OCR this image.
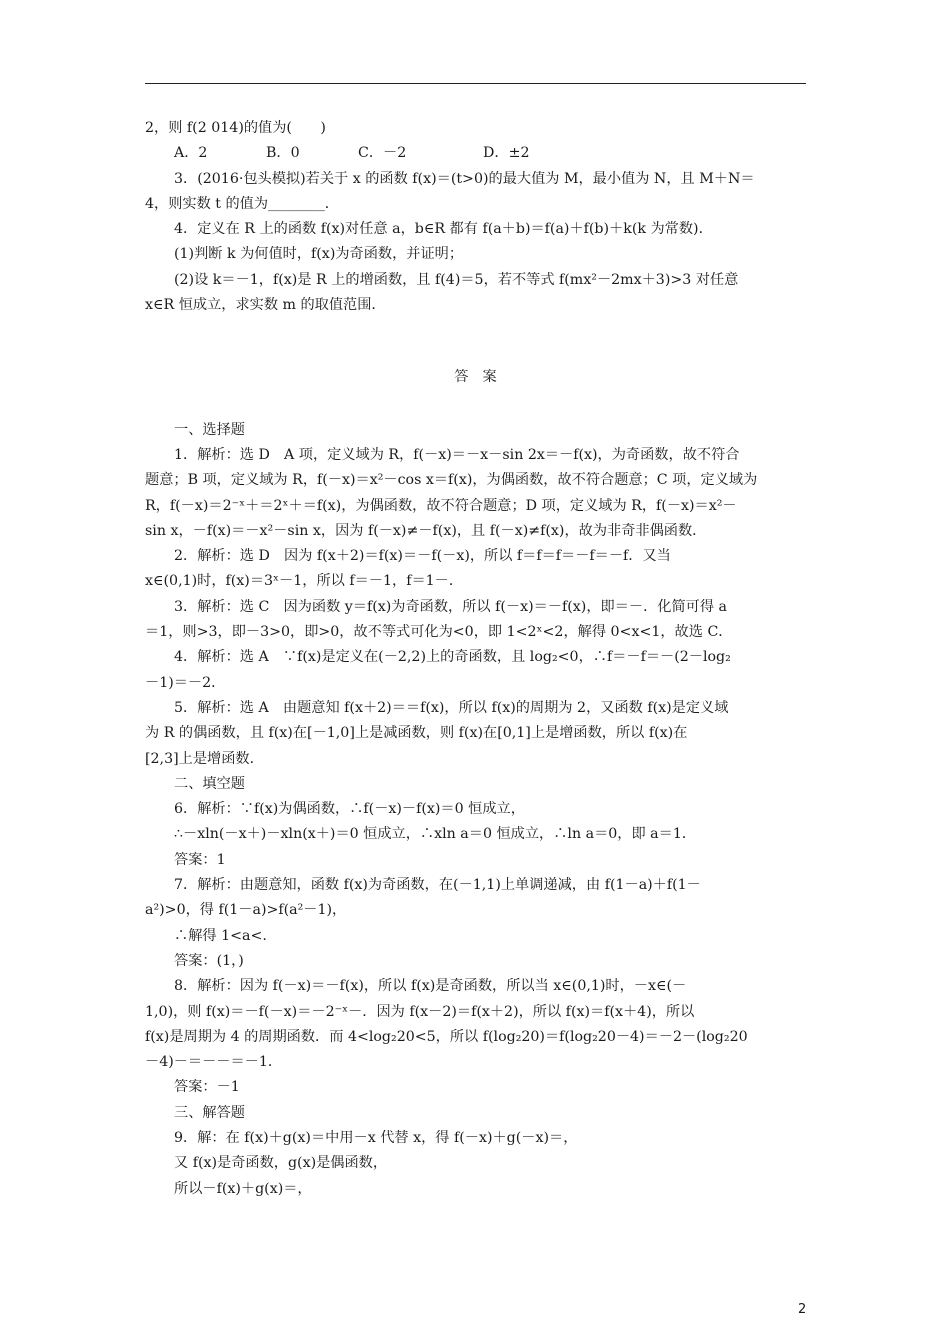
2，则 f(2 014)的值为(　　)

A．2	B．0	C．－2	D．±2

3．(2016·包头模拟)若关于 x 的函数 f(x)＝(t>0)的最大值为 M，最小值为 N，且 M＋N＝

4，则实数 t 的值为________．

4．定义在 R 上的函数 f(x)对任意 a，b∈R 都有 f(a＋b)＝f(a)＋f(b)＋k(k 为常数)．

(1)判断 k 为何值时，f(x)为奇函数，并证明；

(2)设 k＝－1，f(x)是 R 上的增函数，且 f(4)＝5，若不等式 f(mx²－2mx＋3)>3 对任意

x∈R 恒成立，求实数 m 的取值范围．

答案

一、选择题

1．解析：选 D　A 项，定义域为 R，f(－x)＝－x－sin 2x＝－f(x)，为奇函数，故不符合

题意；B 项，定义域为 R，f(－x)＝x²－cos x＝f(x)，为偶函数，故不符合题意；C 项，定义域为

R，f(－x)＝2⁻ˣ＋＝2ˣ＋＝f(x)，为偶函数，故不符合题意；D 项，定义域为 R，f(－x)＝x²－

sin x，－f(x)＝－x²－sin x，因为 f(－x)≠－f(x)，且 f(－x)≠f(x)，故为非奇非偶函数．

2．解析：选 D　因为 f(x＋2)＝f(x)＝－f(－x)，所以 f＝f＝f＝－f＝－f．又当

x∈(0,1)时，f(x)＝3ˣ－1，所以 f＝－1，f＝1－．

3．解析：选 C　因为函数 y＝f(x)为奇函数，所以 f(－x)＝－f(x)，即＝－．化简可得 a

＝1，则>3，即－3>0，即>0，故不等式可化为<0，即 1<2ˣ<2，解得 0<x<1，故选 C．

4．解析：选 A　∵f(x)是定义在(－2,2)上的奇函数，且 log₂<0，∴f＝－f＝－(2－log₂

－1)＝－2．

5．解析：选 A　由题意知 f(x＋2)＝＝f(x)，所以 f(x)的周期为 2，又函数 f(x)是定义域

为 R 的偶函数，且 f(x)在[－1,0]上是减函数，则 f(x)在[0,1]上是增函数，所以 f(x)在

[2,3]上是增函数．

二、填空题

6．解析：∵f(x)为偶函数，∴f(－x)－f(x)＝0 恒成立，

∴－xln(－x＋)－xln(x＋)＝0 恒成立，∴xln a＝0 恒成立，∴ln a＝0，即 a＝1．

答案：1

7．解析：由题意知，函数 f(x)为奇函数，在(－1,1)上单调递减，由 f(1－a)＋f(1－

a²)>0，得 f(1－a)>f(a²－1)，

∴解得 1<a<.

答案：(1，)

8．解析：因为 f(－x)＝－f(x)，所以 f(x)是奇函数，所以当 x∈(0,1)时，－x∈(－

1,0)，则 f(x)＝－f(－x)＝－2⁻ˣ－．因为 f(x－2)＝f(x＋2)，所以 f(x)＝f(x＋4)，所以

f(x)是周期为 4 的周期函数．而 4<log₂20<5，所以 f(log₂20)＝f(log₂20－4)＝－2－(log₂20

－4)－＝－－＝－1．

答案：－1

三、解答题

9．解：在 f(x)＋g(x)＝中用－x 代替 x，得 f(－x)＋g(－x)＝，

又 f(x)是奇函数，g(x)是偶函数，

所以－f(x)＋g(x)＝，

2
